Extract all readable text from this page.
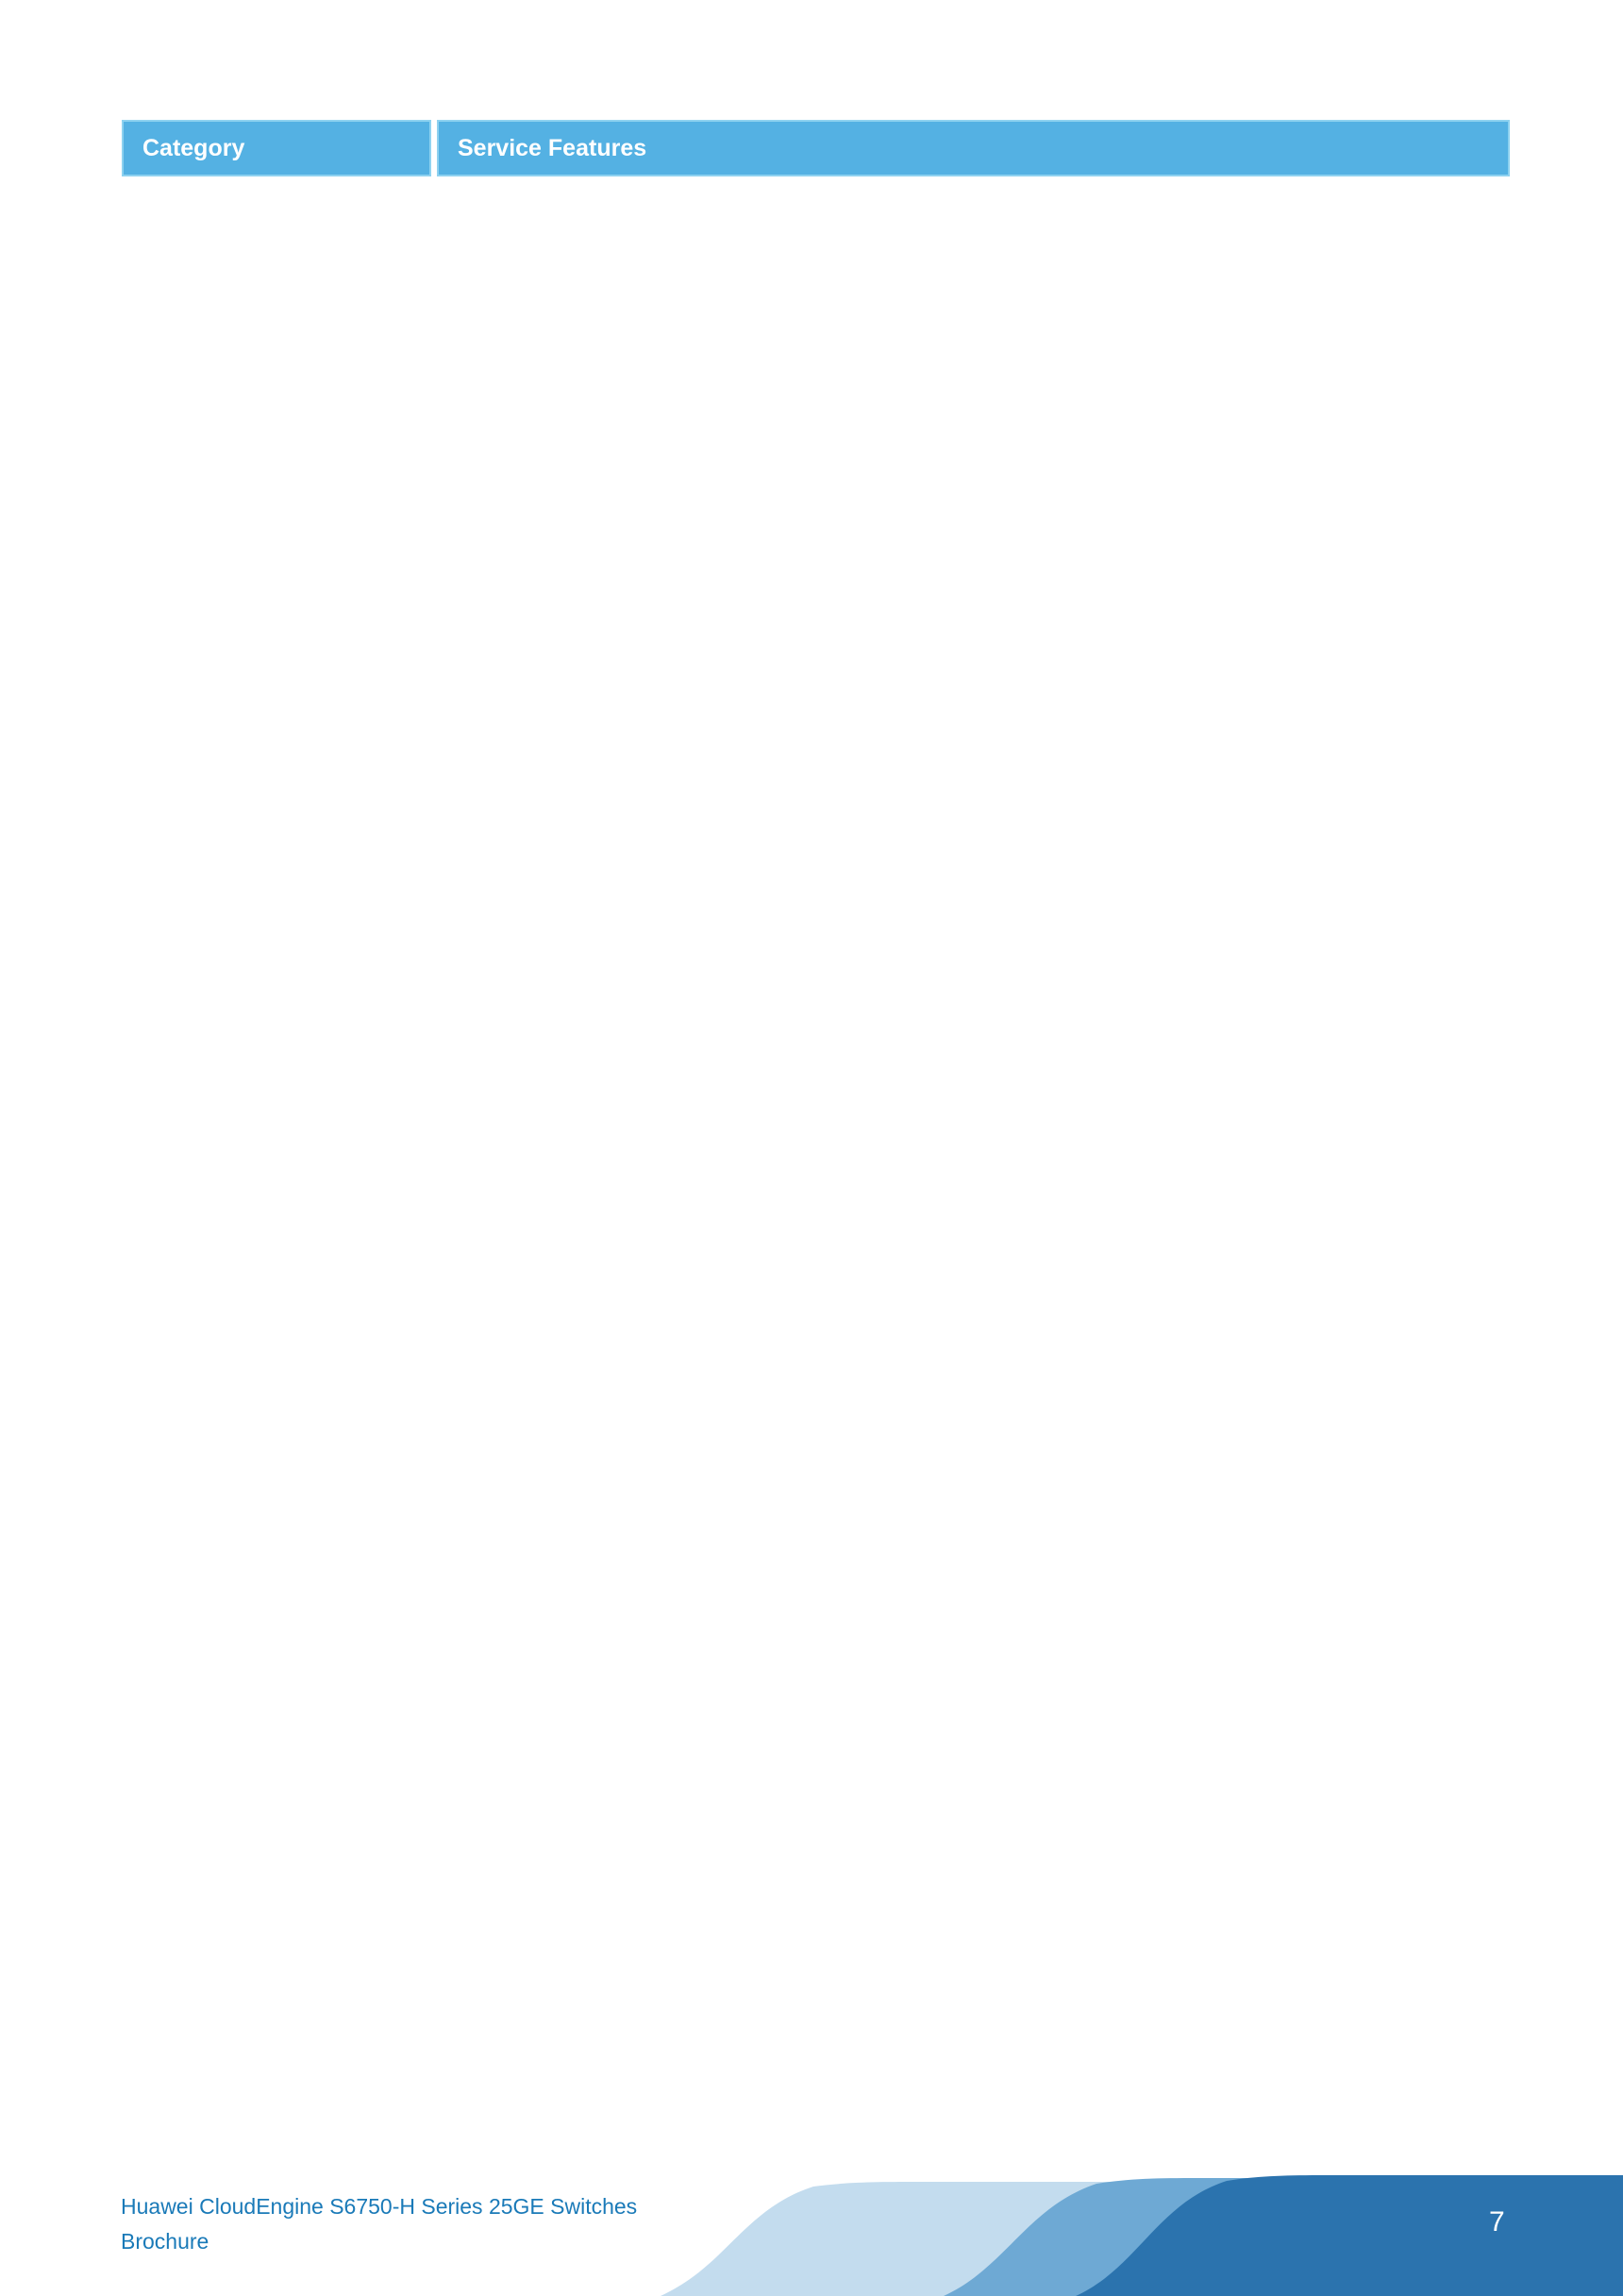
Category	Service Features
Huawei CloudEngine S6750-H Series 25GE Switches
Brochure
7
